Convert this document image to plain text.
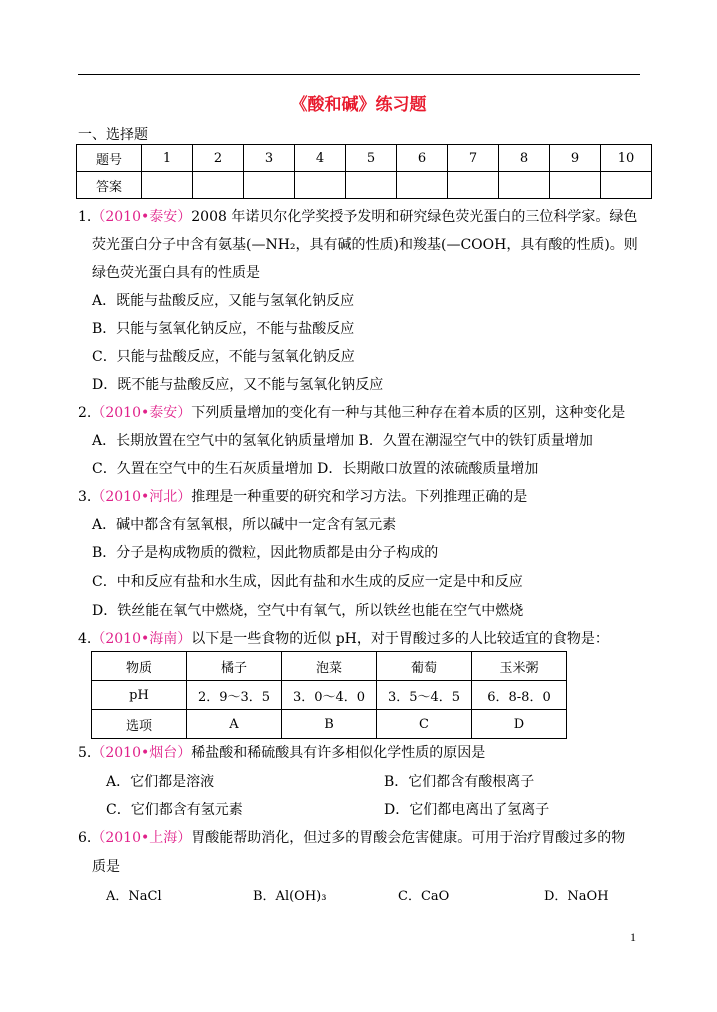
《酸和碱》练习题
一、选择题
题号	1	2	3	4	5	6	7	8	9	10
答案										
1.（2010•泰安）2008 年诺贝尔化学奖授予发明和研究绿色荧光蛋白的三位科学家。绿色
荧光蛋白分子中含有氨基(—NH₂，具有碱的性质)和羧基(—COOH，具有酸的性质)。则
绿色荧光蛋白具有的性质是
A．既能与盐酸反应，又能与氢氧化钠反应
B．只能与氢氧化钠反应，不能与盐酸反应
C．只能与盐酸反应，不能与氢氧化钠反应
D．既不能与盐酸反应，又不能与氢氧化钠反应
2.（2010•泰安）下列质量增加的变化有一种与其他三种存在着本质的区别，这种变化是
A．长期放置在空气中的氢氧化钠质量增加 B．久置在潮湿空气中的铁钉质量增加
C．久置在空气中的生石灰质量增加 D．长期敞口放置的浓硫酸质量增加
3.（2010•河北）推理是一种重要的研究和学习方法。下列推理正确的是
A．碱中都含有氢氧根，所以碱中一定含有氢元素
B．分子是构成物质的微粒，因此物质都是由分子构成的
C．中和反应有盐和水生成，因此有盐和水生成的反应一定是中和反应
D．铁丝能在氧气中燃烧，空气中有氧气，所以铁丝也能在空气中燃烧
4.（2010•海南）以下是一些食物的近似 pH，对于胃酸过多的人比较适宜的食物是：
物质	橘子	泡菜	葡萄	玉米粥
pH	2．9～3．5	3．0～4．0	3．5～4．5	6．8-8．0
选项	A	B	C	D
5.（2010•烟台）稀盐酸和稀硫酸具有许多相似化学性质的原因是
A．它们都是溶液	B．它们都含有酸根离子
C．它们都含有氢元素	D．它们都电离出了氢离子
6.（2010•上海）胃酸能帮助消化，但过多的胃酸会危害健康。可用于治疗胃酸过多的物
质是
A．NaCl	B．Al(OH)₃	C．CaO	D．NaOH
1
